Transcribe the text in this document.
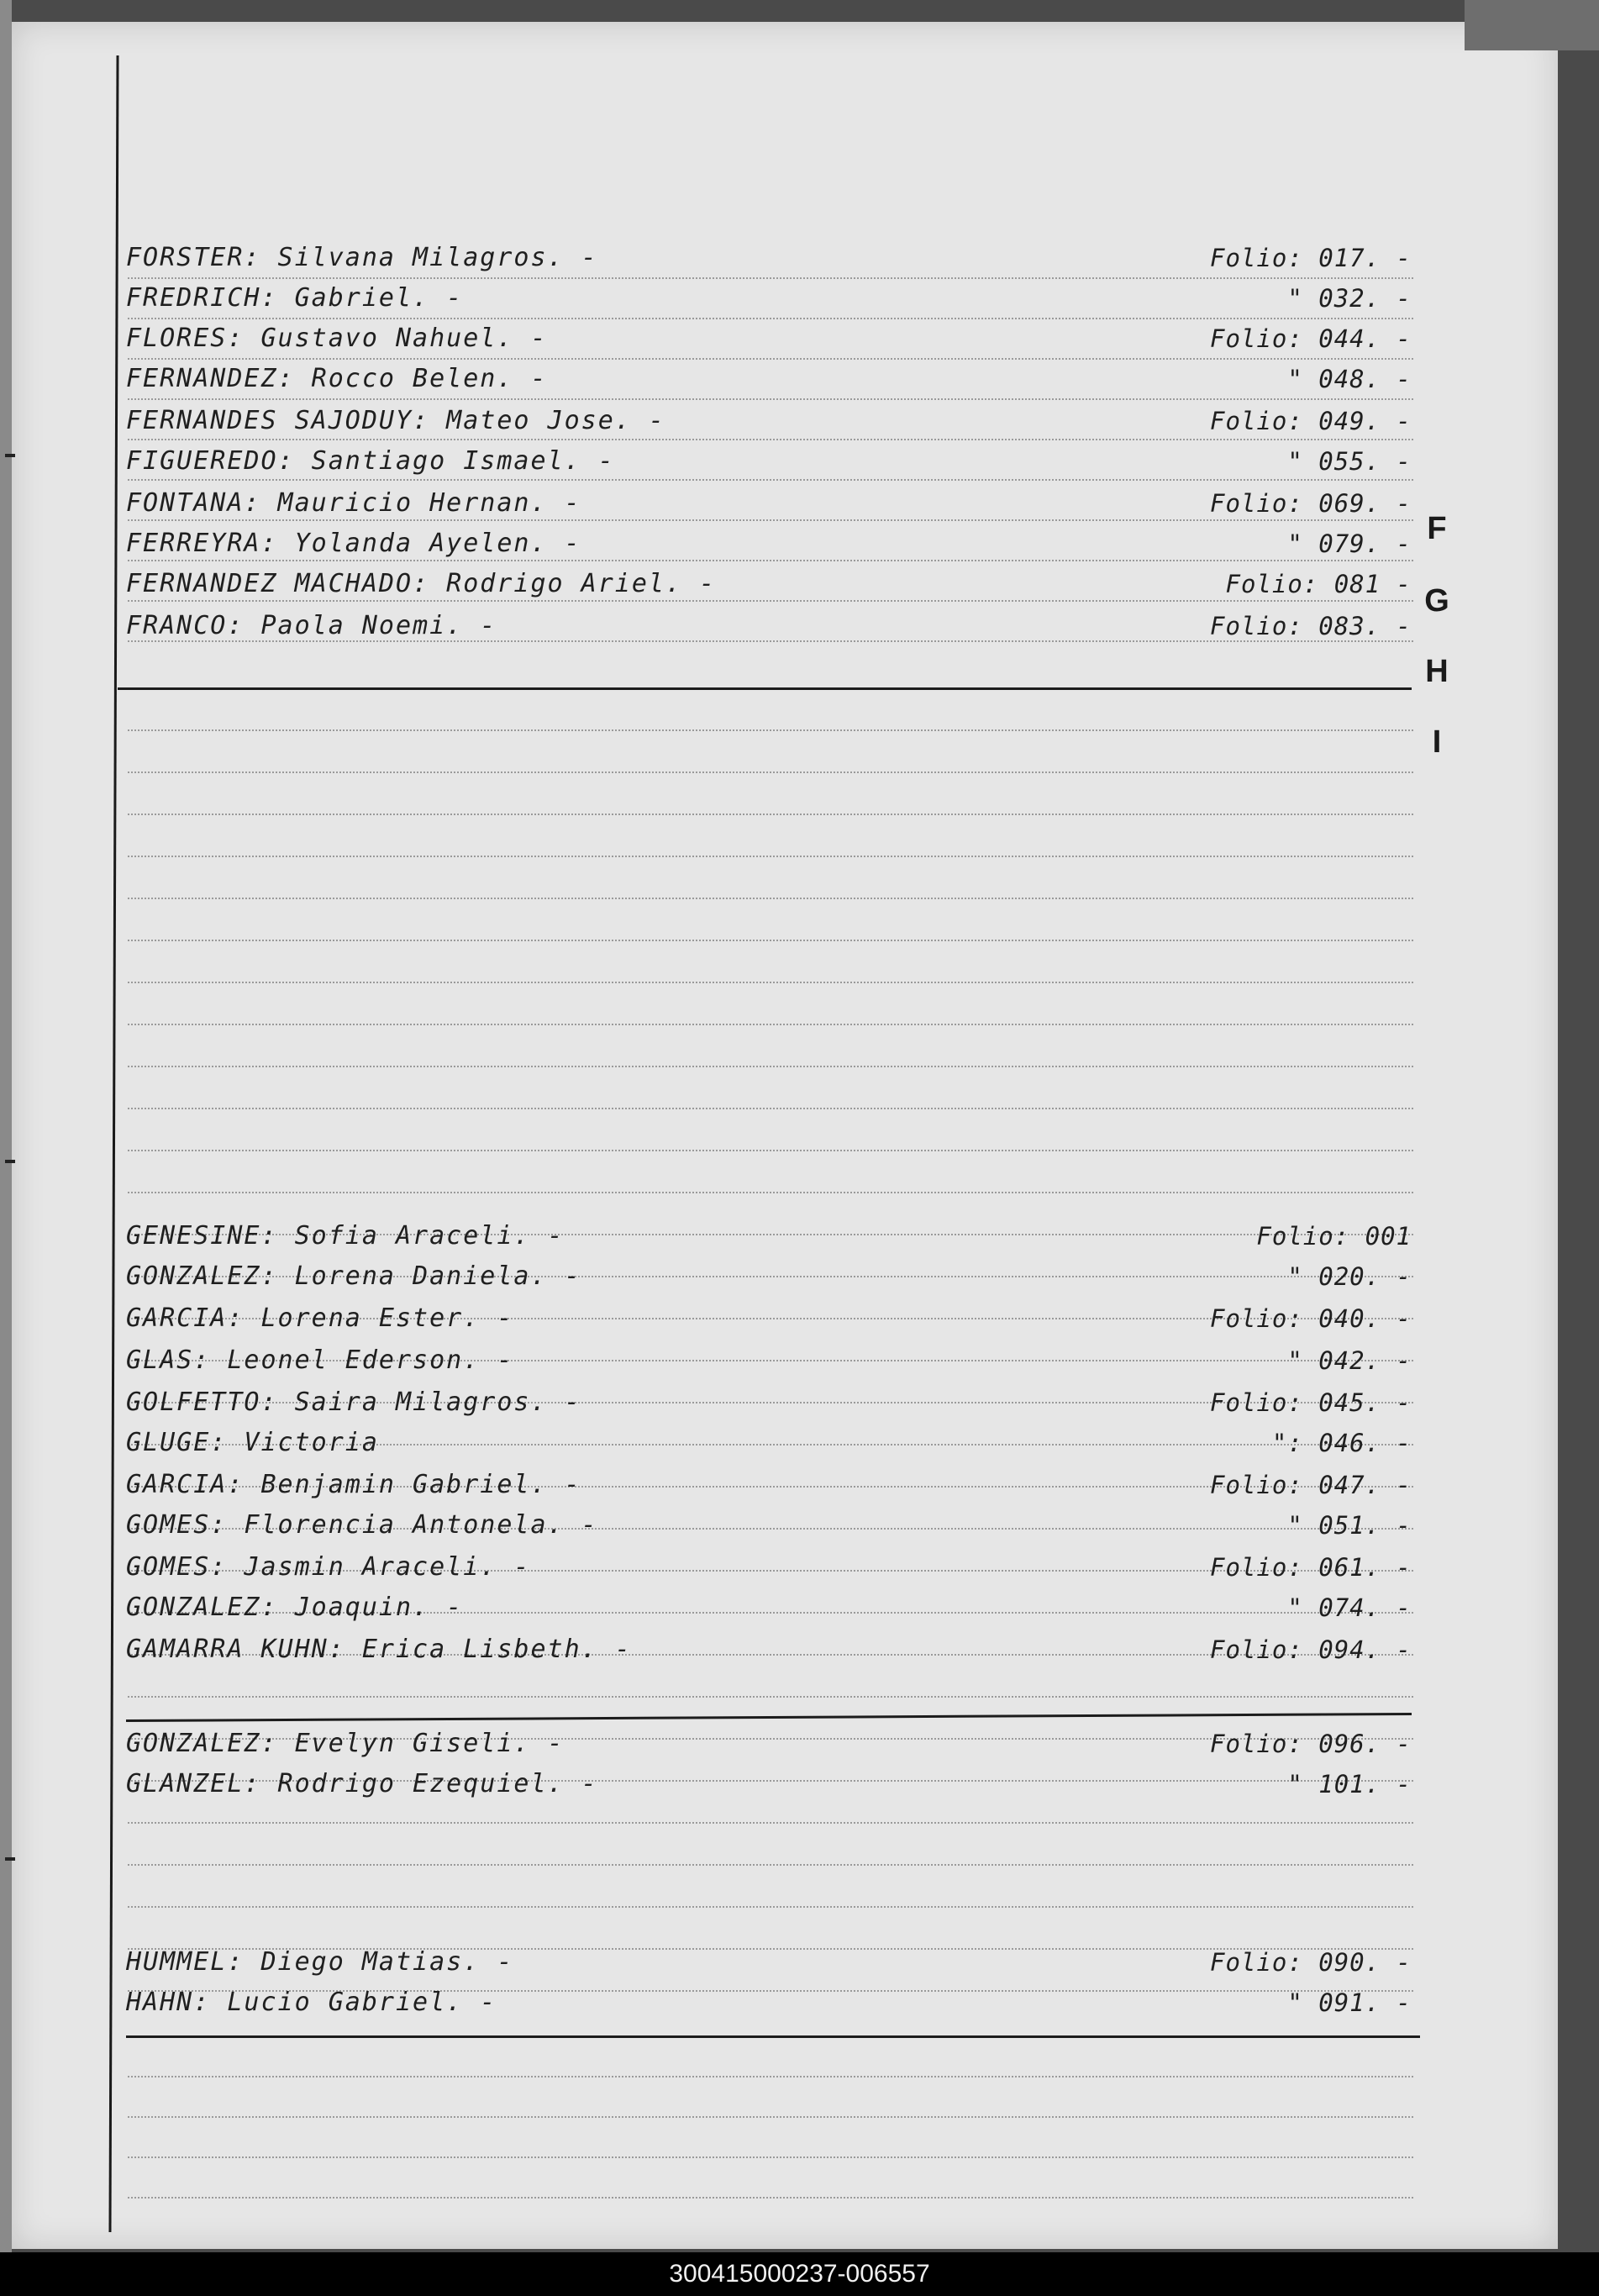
FORSTER: Silvana Milagros. -	Folio: 017. -
FREDRICH: Gabriel. -	" 032. -
FLORES: Gustavo Nahuel. -	Folio: 044. -
FERNANDEZ: Rocco Belen. -	" 048. -
FERNANDES SAJODUY: Mateo Jose. -	Folio: 049. -
FIGUEREDO: Santiago Ismael. -	" 055. -
FONTANA: Mauricio Hernan. -	Folio: 069. -
FERREYRA: Yolanda Ayelen. -	" 079. -
FERNANDEZ MACHADO: Rodrigo Ariel. -	Folio: 081 -
FRANCO: Paola Noemi. -	Folio: 083. -
GENESINE: Sofia Araceli. -	Folio: 001
GONZALEZ: Lorena Daniela. -	" 020. -
GARCIA: Lorena Ester. -	Folio: 040. -
GLAS: Leonel Ederson. -	" 042. -
GOLFETTO: Saira Milagros. -	Folio: 045. -
GLUGE: Victoria	": 046. -
GARCIA: Benjamin Gabriel. -	Folio: 047. -
GOMES: Florencia Antonela. -	" 051. -
GOMES: Jasmin Araceli. -	Folio: 061. -
GONZALEZ: Joaquin. -	" 074. -
GAMARRA KUHN: Erica Lisbeth. -	Folio: 094. -
GONZALEZ: Evelyn Giseli. -	Folio: 096. -
GLANZEL: Rodrigo Ezequiel. -	" 101. -
HUMMEL: Diego Matias. -	Folio: 090. -
HAHN: Lucio Gabriel. -	" 091. -
F
G
H
I
300415000237-006557
